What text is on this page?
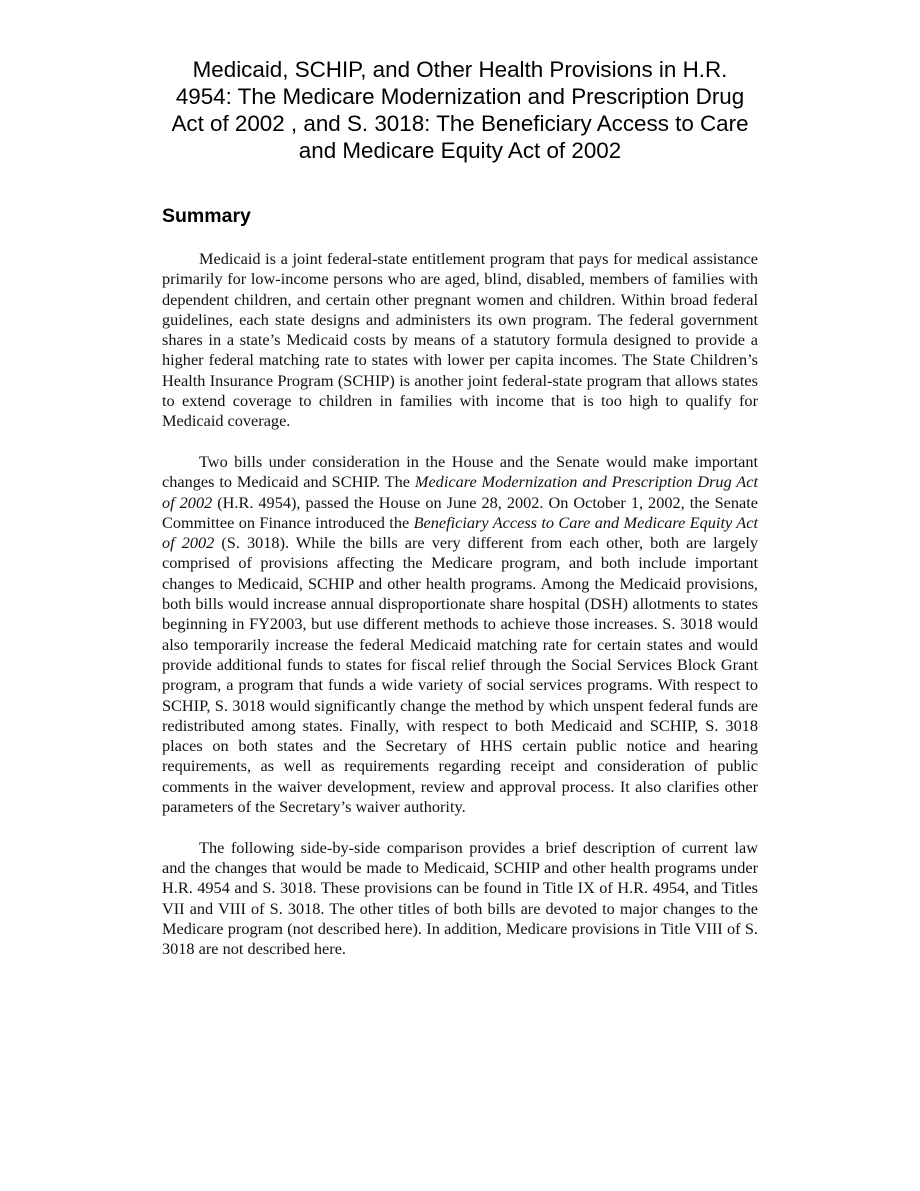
Medicaid, SCHIP, and Other Health Provisions in H.R. 4954: The Medicare Modernization and Prescription Drug Act of 2002 , and S. 3018: The Beneficiary Access to Care and Medicare Equity Act of 2002
Summary

Medicaid is a joint federal-state entitlement program that pays for medical assistance primarily for low-income persons who are aged, blind, disabled, members of families with dependent children, and certain other pregnant women and children. Within broad federal guidelines, each state designs and administers its own program. The federal government shares in a state’s Medicaid costs by means of a statutory formula designed to provide a higher federal matching rate to states with lower per capita incomes. The State Children’s Health Insurance Program (SCHIP) is another joint federal-state program that allows states to extend coverage to children in families with income that is too high to qualify for Medicaid coverage.

Two bills under consideration in the House and the Senate would make important changes to Medicaid and SCHIP. The Medicare Modernization and Prescription Drug Act of 2002 (H.R. 4954), passed the House on June 28, 2002. On October 1, 2002, the Senate Committee on Finance introduced the Beneficiary Access to Care and Medicare Equity Act of 2002 (S. 3018). While the bills are very different from each other, both are largely comprised of provisions affecting the Medicare program, and both include important changes to Medicaid, SCHIP and other health programs. Among the Medicaid provisions, both bills would increase annual disproportionate share hospital (DSH) allotments to states beginning in FY2003, but use different methods to achieve those increases. S. 3018 would also temporarily increase the federal Medicaid matching rate for certain states and would provide additional funds to states for fiscal relief through the Social Services Block Grant program, a program that funds a wide variety of social services programs. With respect to SCHIP, S. 3018 would significantly change the method by which unspent federal funds are redistributed among states. Finally, with respect to both Medicaid and SCHIP, S. 3018 places on both states and the Secretary of HHS certain public notice and hearing requirements, as well as requirements regarding receipt and consideration of public comments in the waiver development, review and approval process. It also clarifies other parameters of the Secretary’s waiver authority.

The following side-by-side comparison provides a brief description of current law and the changes that would be made to Medicaid, SCHIP and other health programs under H.R. 4954 and S. 3018. These provisions can be found in Title IX of H.R. 4954, and Titles VII and VIII of S. 3018. The other titles of both bills are devoted to major changes to the Medicare program (not described here). In addition, Medicare provisions in Title VIII of S. 3018 are not described here.
